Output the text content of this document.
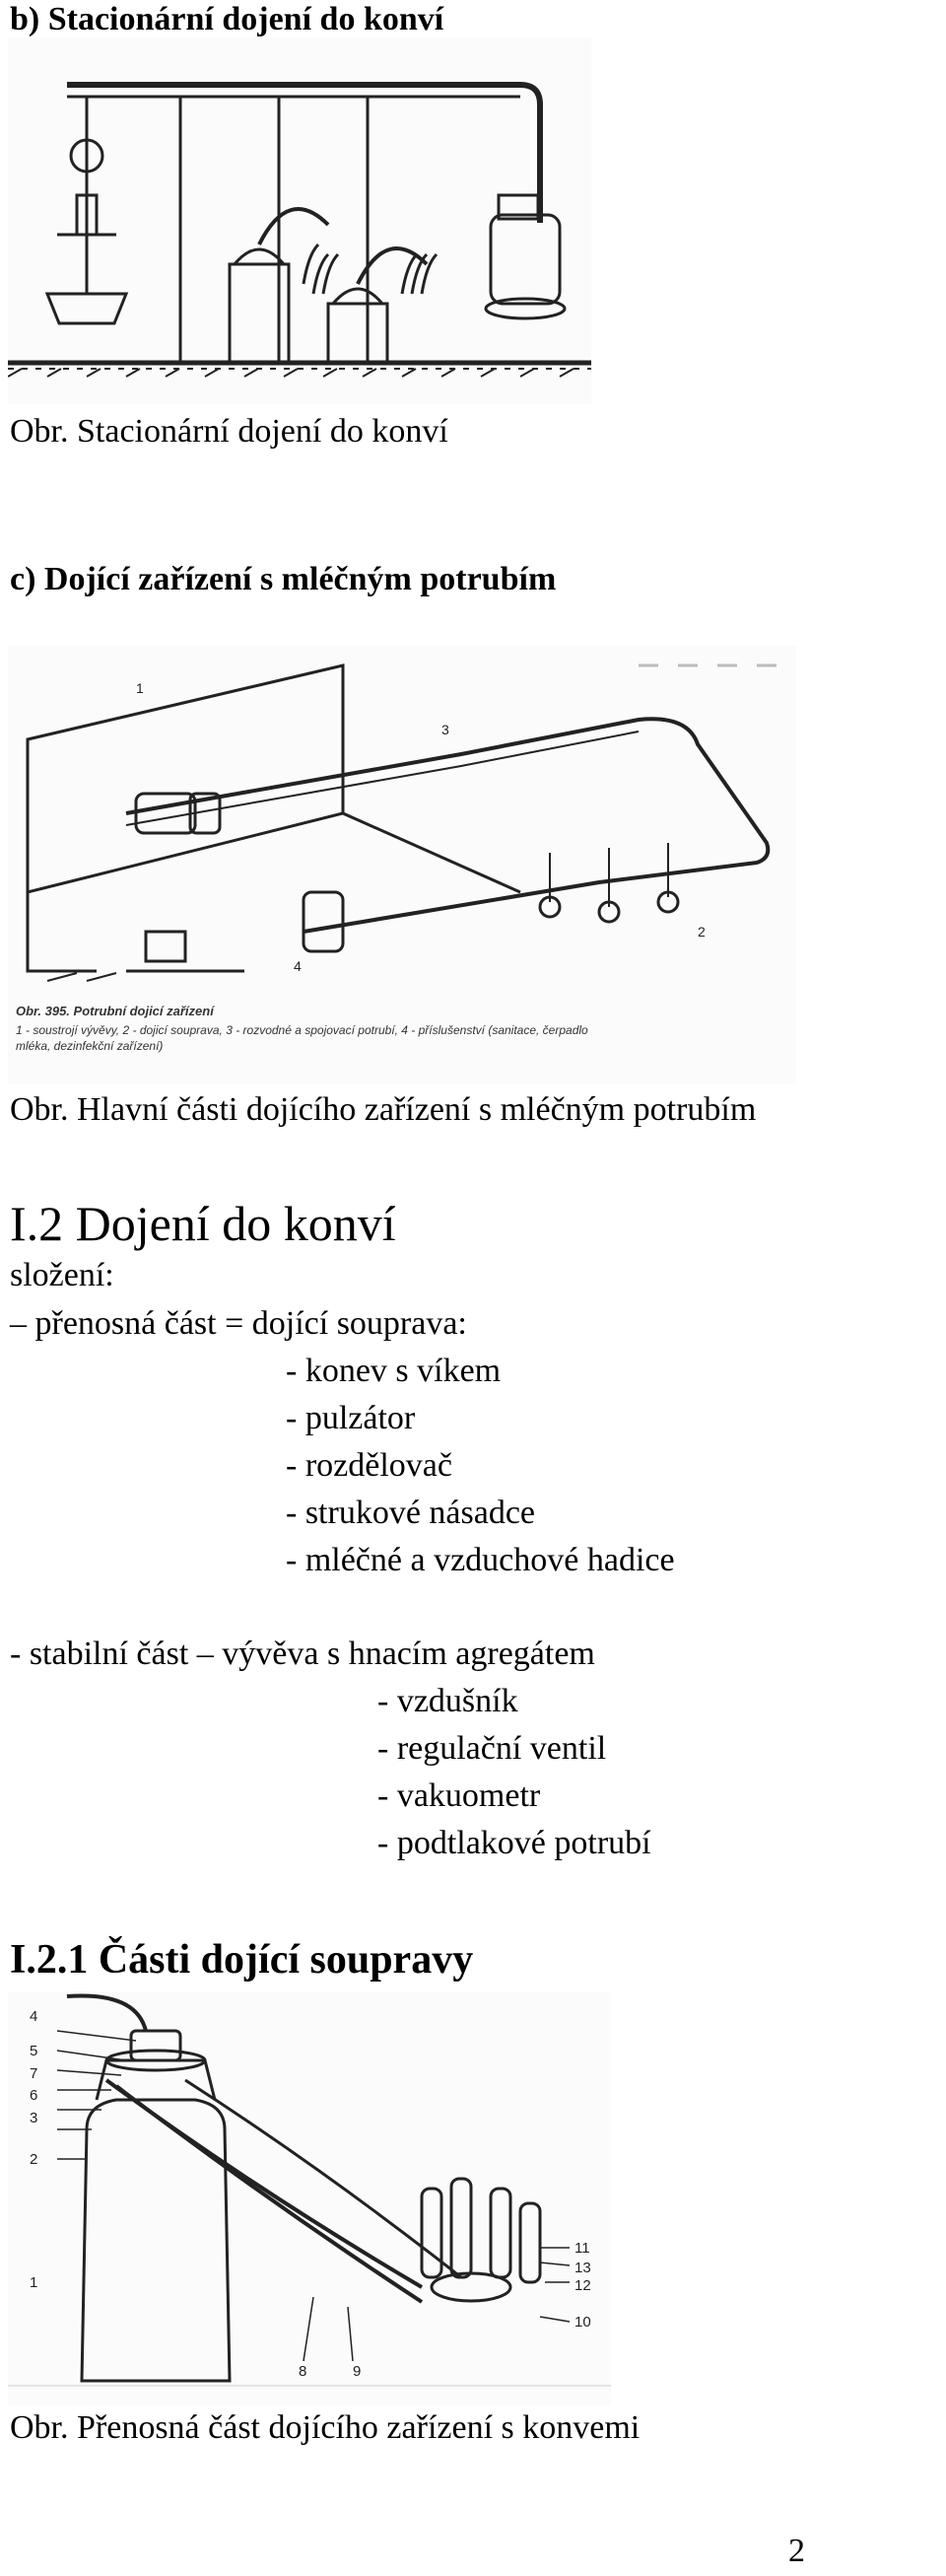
b) Stacionární dojení do konví
Obr. Stacionární dojení do konví
c) Dojící zařízení s mléčným potrubím
1
2
3
4
Obr. 395. Potrubní dojicí zařízení
1 - soustrojí vývěvy, 2 - dojicí souprava, 3 - rozvodné a spojovací potrubí, 4 - příslušenství (sanitace, čerpadlo
mléka, dezinfekční zařízení)
Obr. Hlavní části dojícího zařízení s mléčným potrubím
I.2 Dojení do konví
složení:
– přenosná část = dojící souprava:
- konev s víkem
- pulzátor
- rozdělovač
- strukové násadce
- mléčné a vzduchové hadice
- stabilní část – vývěva s hnacím agregátem
- vzdušník
- regulační ventil
- vakuometr
- podtlakové potrubí
I.2.1 Části dojící soupravy
4
5
7
6
3
2
1
11
13
12
10
8	9
Obr. Přenosná část dojícího zařízení s konvemi
2
